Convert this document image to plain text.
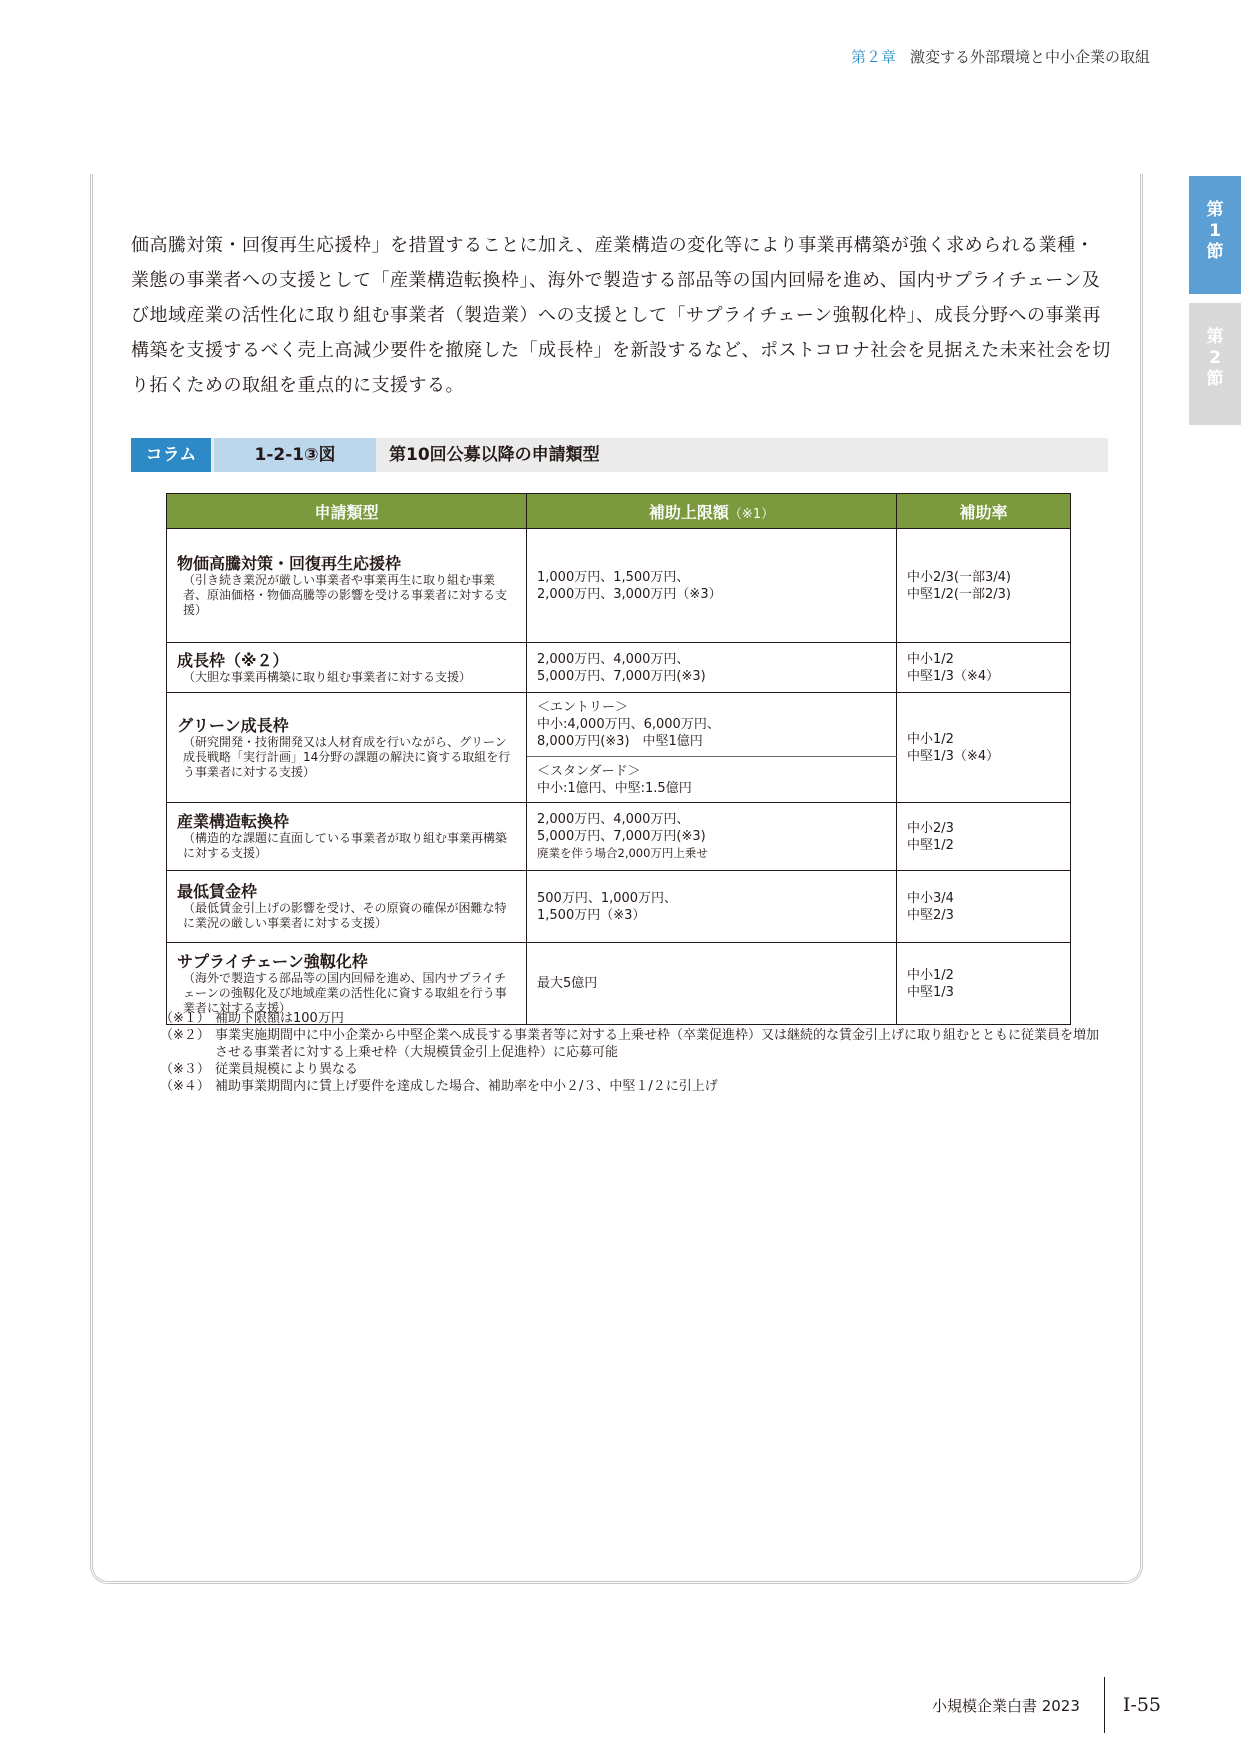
第２章 激変する外部環境と中小企業の取組
第
1
節
第
2
節

価高騰対策・回復再生応援枠」を措置することに加え、産業構造の変化等により事業再構築が強く求められる業種・業態の事業者への支援として「産業構造転換枠」、海外で製造する部品等の国内回帰を進め、国内サプライチェーン及び地域産業の活性化に取り組む事業者（製造業）への支援として「サプライチェーン強靱化枠」、成長分野への事業再構築を支援するべく売上高減少要件を撤廃した「成長枠」を新設するなど、ポストコロナ社会を見据えた未来社会を切り拓くための取組を重点的に支援する。

コラム	1-2-1③図	第10回公募以降の申請類型
申請類型	補助上限額（※1）	補助率

物価高騰対策・回復再生応援枠
（引き続き業況が厳しい事業者や事業再生に取り組む事業者、原油価格・物価高騰等の影響を受ける事業者に対する支援）	1,000万円、1,500万円、
2,000万円、3,000万円（※3）	中小2/3(一部3/4)
中堅1/2(一部2/3)

成長枠（※２）
（大胆な事業再構築に取り組む事業者に対する支援）	2,000万円、4,000万円、
5,000万円、7,000万円(※3)	中小1/2
中堅1/3（※4）

グリーン成長枠
（研究開発・技術開発又は人材育成を行いながら、グリーン成長戦略「実行計画」14分野の課題の解決に資する取組を行う事業者に対する支援）	＜エントリー＞
中小:4,000万円、6,000万円、
8,000万円(※3)　中堅1億円	中小1/2
中堅1/3（※4）
	＜スタンダード＞
中小:1億円、中堅:1.5億円	

産業構造転換枠
（構造的な課題に直面している事業者が取り組む事業再構築に対する支援）	2,000万円、4,000万円、
5,000万円、7,000万円(※3)
廃業を伴う場合2,000万円上乗せ	中小2/3
中堅1/2

最低賃金枠
（最低賃金引上げの影響を受け、その原資の確保が困難な特に業況の厳しい事業者に対する支援）	500万円、1,000万円、
1,500万円（※3）	中小3/4
中堅2/3

サプライチェーン強靱化枠
（海外で製造する部品等の国内回帰を進め、国内サプライチェーンの強靱化及び地域産業の活性化に資する取組を行う事業者に対する支援）	最大5億円	中小1/2
中堅1/3
（※１） 補助下限額は100万円
（※２） 事業実施期間中に中小企業から中堅企業へ成長する事業者等に対する上乗せ枠（卒業促進枠）又は継続的な賃金引上げに取り組むとともに従業員を増加させる事業者に対する上乗せ枠（大規模賃金引上促進枠）に応募可能
（※３） 従業員規模により異なる
（※４） 補助事業期間内に賃上げ要件を達成した場合、補助率を中小２/３、中堅１/２に引上げ
小規模企業白書 2023 Ⅰ-55
